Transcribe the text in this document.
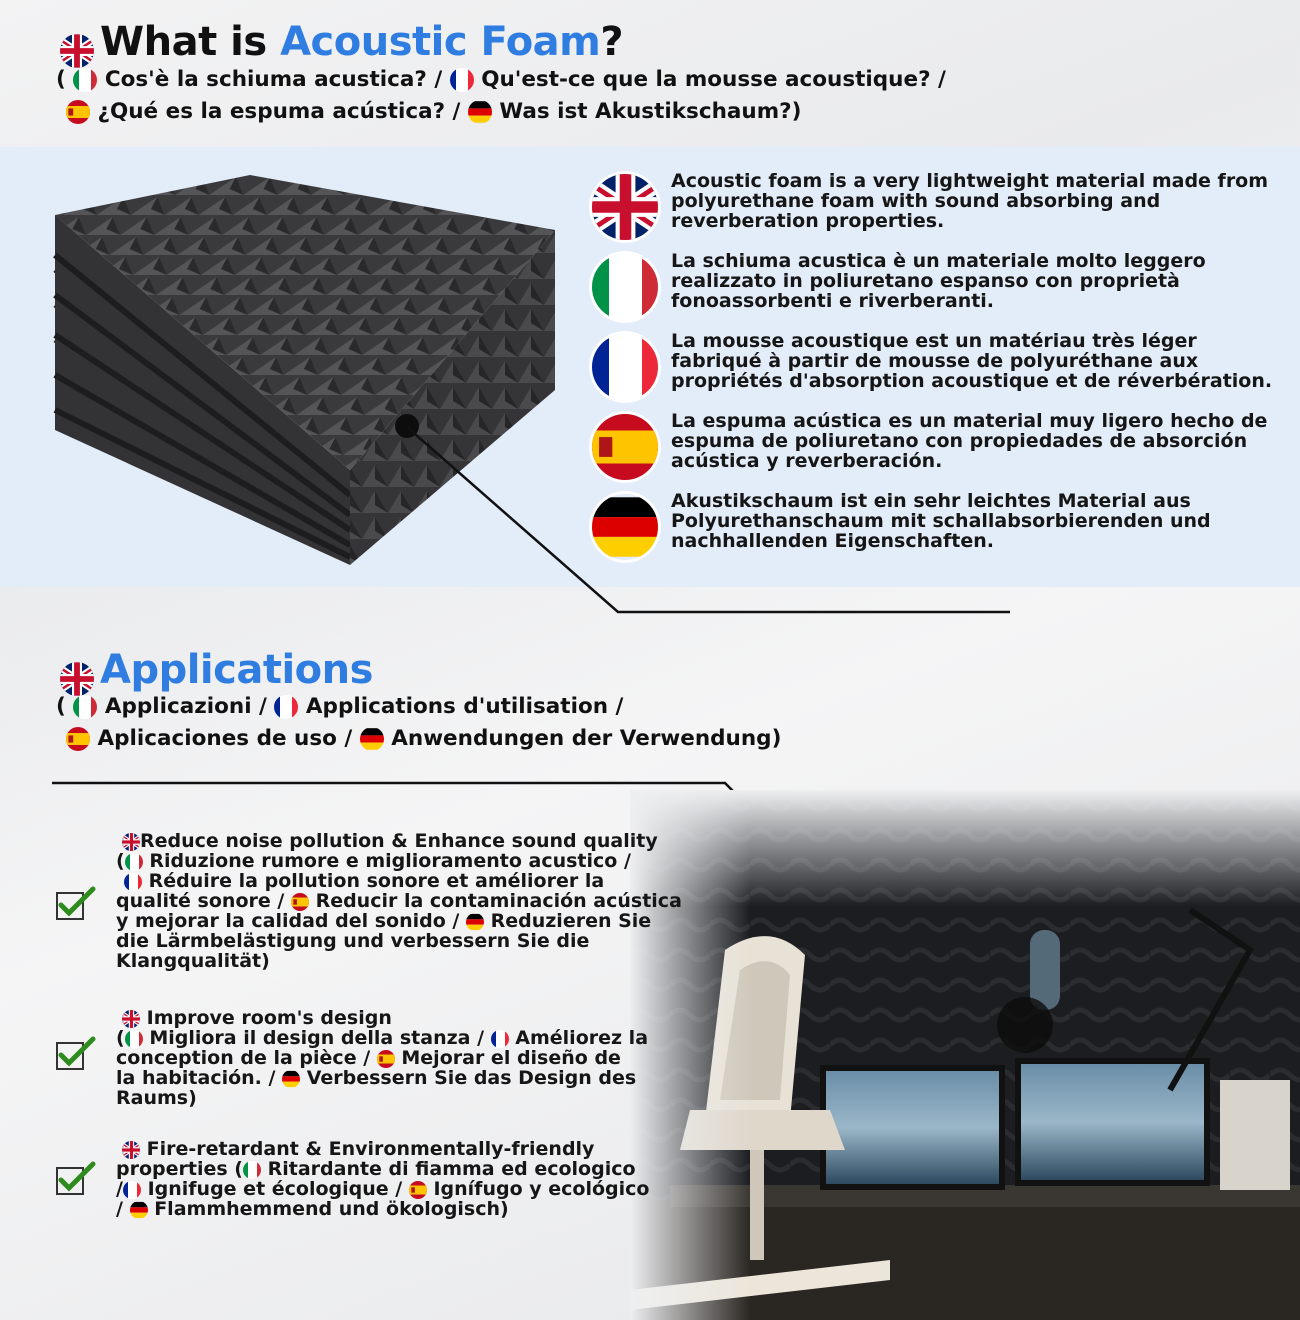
What is Acoustic Foam?
( Cos'è la schiuma acustica? / Qu'est-ce que la mousse acoustique? /
¿Qué es la espuma acústica? / Was ist Akustikschaum?)
Acoustic foam is a very lightweight material made from
polyurethane foam with sound absorbing and
reverberation properties.
La schiuma acustica è un materiale molto leggero
realizzato in poliuretano espanso con proprietà
fonoassorbenti e riverberanti.
La mousse acoustique est un matériau très léger
fabriqué à partir de mousse de polyuréthane aux
propriétés d'absorption acoustique et de réverbération.
La espuma acústica es un material muy ligero hecho de
espuma de poliuretano con propiedades de absorción
acústica y reverberación.
Akustikschaum ist ein sehr leichtes Material aus
Polyurethanschaum mit schallabsorbierenden und
nachhallenden Eigenschaften.
Applications
( Applicazioni / Applications d'utilisation /
Aplicaciones de uso / Anwendungen der Verwendung)
Reduce noise pollution & Enhance sound quality
( Riduzione rumore e miglioramento acustico /
Réduire la pollution sonore et améliorer la
qualité sonore / Reducir la contaminación acústica
y mejorar la calidad del sonido / Reduzieren Sie
die Lärmbelästigung und verbessern Sie die
Klangqualität)
Improve room's design
( Migliora il design della stanza / Améliorez la
conception de la pièce / Mejorar el diseño de
la habitación. / Verbessern Sie das Design des
Raums)
Fire-retardant & Environmentally-friendly
properties ( Ritardante di fiamma ed ecologico
/ Ignifuge et écologique / Ignífugo y ecológico
/ Flammhemmend und ökologisch)
